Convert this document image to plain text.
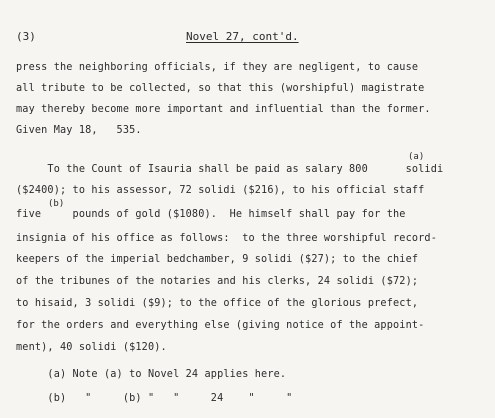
(3)	Novel 27, cont'd.
press the neighboring officials, if they are negligent, to cause
all tribute to be collected, so that this (worshipful) magistrate
may thereby become more important and influential than the former.
Given May 18,   535.
(a)
To the Count of Isauria shall be paid as salary 800      solidi
($2400); to his assessor, 72 solidi ($216), to his official staff
(b)
five     pounds of gold ($1080).  He himself shall pay for the
insignia of his office as follows:  to the three worshipful record-
keepers of the imperial bedchamber, 9 solidi ($27); to the chief
of the tribunes of the notaries and his clerks, 24 solidi ($72);
to hisaid, 3 solidi ($9); to the office of the glorious prefect,
for the orders and everything else (giving notice of the appoint-
ment), 40 solidi ($120).
(a) Note (a) to Novel 24 applies here.
(b)   "     (b) "   "     24    "     "
